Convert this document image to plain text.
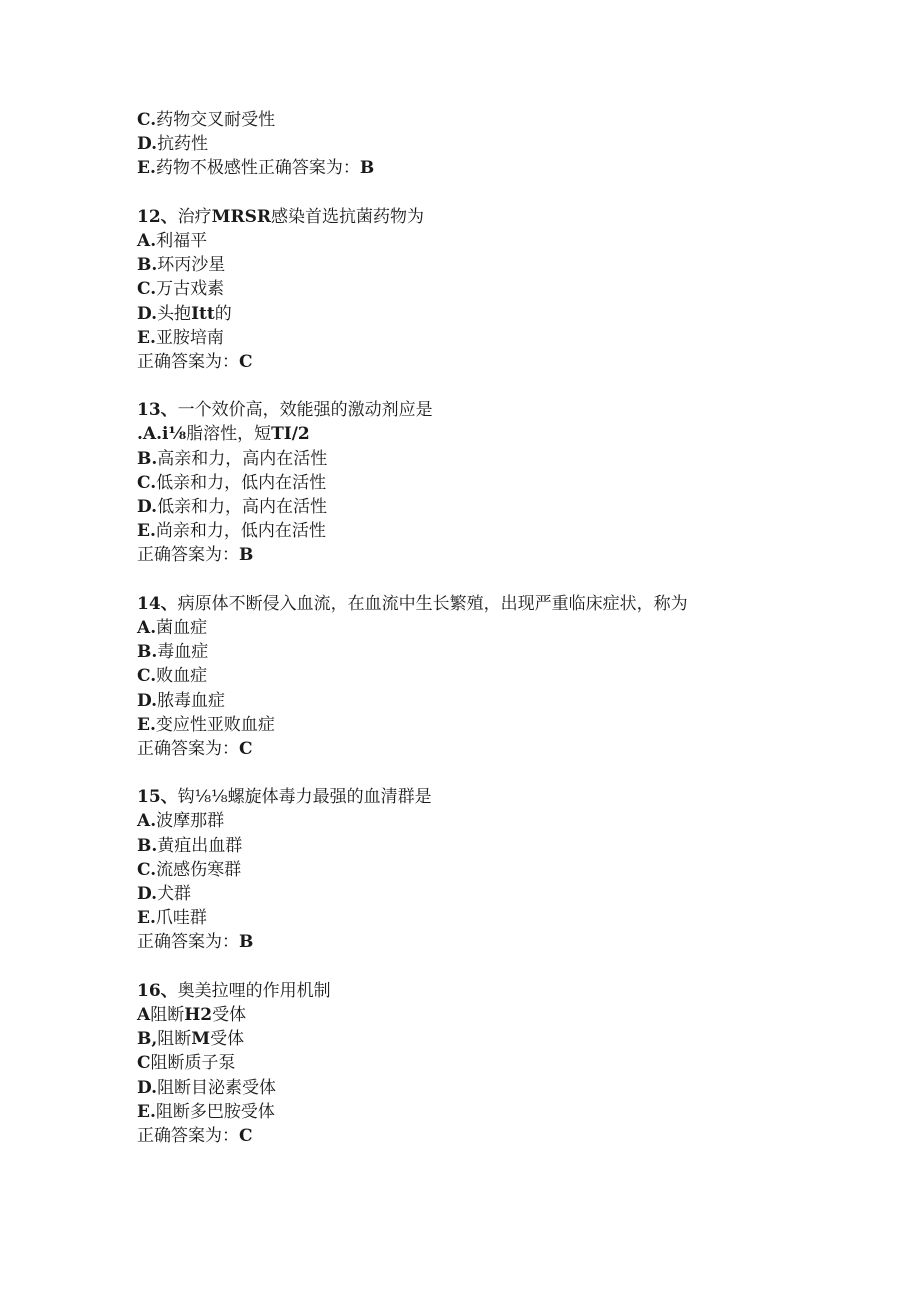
C.药物交叉耐受性
D.抗药性
E.药物不极感性正确答案为：B
12、治疗MRSR感染首选抗菌药物为
A.利福平
B.环丙沙星
C.万古戏素
D.头抱Itt的
E.亚胺培南
正确答案为：C
13、一个效价高，效能强的激动剂应是
.A.i⅛脂溶性，短TI/2
B.高亲和力，高内在活性
C.低亲和力，低内在活性
D.低亲和力，高内在活性
E.尚亲和力，低内在活性
正确答案为：B
14、病原体不断侵入血流，在血流中生长繁殖，出现严重临床症状，称为
A.菌血症
B.毒血症
C.败血症
D.脓毒血症
E.变应性亚败血症
正确答案为：C
15、钩⅛⅛螺旋体毒力最强的血清群是
A.波摩那群
B.黄疽出血群
C.流感伤寒群
D.犬群
E.爪哇群
正确答案为：B
16、奥美拉哩的作用机制
A阻断H2受体
B,阻断M受体
C阻断质子泵
D.阻断目泌素受体
E.阻断多巴胺受体
正确答案为：C
